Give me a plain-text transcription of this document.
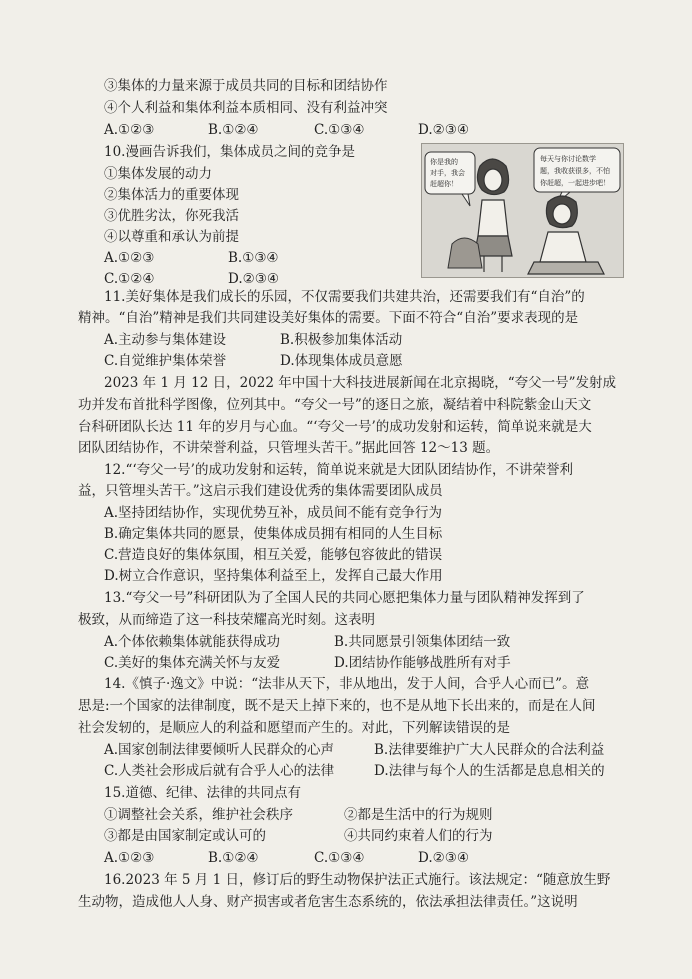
③集体的力量来源于成员共同的目标和团结协作
④个人利益和集体利益本质相同、没有利益冲突
A.①②③	B.①②④	C.①③④	D.②③④
10.漫画告诉我们，集体成员之间的竞争是
①集体发展的动力
②集体活力的重要体现
③优胜劣汰，你死我活
④以尊重和承认为前提
A.①②③	B.①③④
C.①②④	D.②③④
你是我的
对手，我会
赶超你！
每天与你讨论数学
题，我收获很多，不怕
你赶超，一起进步吧！
11.美好集体是我们成长的乐园，不仅需要我们共建共治，还需要我们有“自治”的
精神。“自治”精神是我们共同建设美好集体的需要。下面不符合“自治”要求表现的是
A.主动参与集体建设	B.积极参加集体活动
C.自觉维护集体荣誉	D.体现集体成员意愿
2023 年 1 月 12 日，2022 年中国十大科技进展新闻在北京揭晓，“夸父一号”发射成
功并发布首批科学图像，位列其中。“夸父一号”的逐日之旅，凝结着中科院紫金山天文
台科研团队长达 11 年的岁月与心血。“‘夸父一号’的成功发射和运转，简单说来就是大
团队团结协作，不讲荣誉利益，只管埋头苦干。”据此回答 12～13 题。
12.“‘夸父一号’的成功发射和运转，简单说来就是大团队团结协作，不讲荣誉利
益，只管埋头苦干。”这启示我们建设优秀的集体需要团队成员
A.坚持团结协作，实现优势互补，成员间不能有竞争行为
B.确定集体共同的愿景，使集体成员拥有相同的人生目标
C.营造良好的集体氛围，相互关爱，能够包容彼此的错误
D.树立合作意识，坚持集体利益至上，发挥自己最大作用
13.“夸父一号”科研团队为了全国人民的共同心愿把集体力量与团队精神发挥到了
极致，从而缔造了这一科技荣耀高光时刻。这表明
A.个体依赖集体就能获得成功	B.共同愿景引领集体团结一致
C.美好的集体充满关怀与友爱	D.团结协作能够战胜所有对手
14.《慎子·逸文》中说：“法非从天下，非从地出，发于人间，合乎人心而已”。意
思是:一个国家的法律制度，既不是天上掉下来的，也不是从地下长出来的，而是在人间
社会发轫的，是顺应人的利益和愿望而产生的。对此，下列解读错误的是
A.国家创制法律要倾听人民群众的心声	B.法律要维护广大人民群众的合法利益
C.人类社会形成后就有合乎人心的法律	D.法律与每个人的生活都是息息相关的
15.道德、纪律、法律的共同点有
①调整社会关系，维护社会秩序	②都是生活中的行为规则
③都是由国家制定或认可的	④共同约束着人们的行为
A.①②③	B.①②④	C.①③④	D.②③④
16.2023 年 5 月 1 日，修订后的野生动物保护法正式施行。该法规定：“随意放生野
生动物，造成他人人身、财产损害或者危害生态系统的，依法承担法律责任。”这说明
